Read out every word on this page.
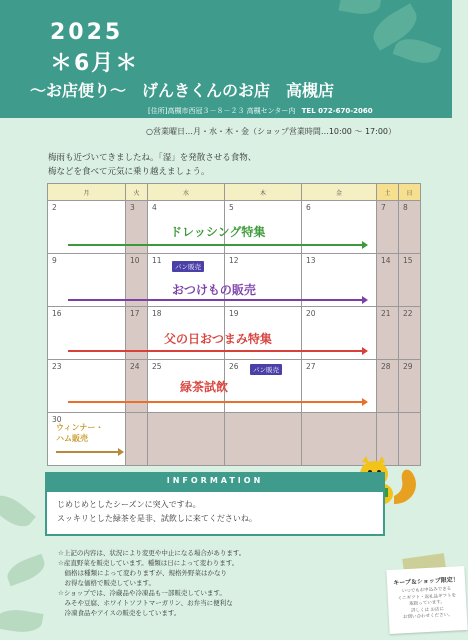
2025
＊6月＊
～お店便り～　げんきくんのお店　高槻店
[住所]高槻市西冠３－８－２３ 高槻センター内 TEL 072-670-2060
○営業曜日…月・水・木・金（ショップ営業時間…10:00 ～ 17:00）
梅雨も近づいてきましたね。「湿」を発散させる食物、
梅などを食べて元気に乗り越えましょう。
月	火	水	木	金	土	日
2	3	4	5	6	7	8
9	10	11	12	13	14	15
16	17	18	19	20	21	22
23	24	25	26	27	28	29
30						
ドレッシング特集
パン販売
おつけもの販売
父の日おつまみ特集
パン販売
緑茶試飲
ウィンナー・
ハム販売
INFORMATION

じめじめとしたシーズンに突入ですね。

スッキリとした緑茶を是非、試飲しに来てくださいね。

☆上記の内容は、状況により変更や中止になる場合があります。
☆産直野菜を販売しています。種類は日によって変わります。
　価格は種類によって変わりますが、規格外野菜はかなり
　お得な価格で販売しています。
☆ショップでは、冷蔵品や冷凍品も一部販売しています。
　みそや豆腐、ホワイトソフトマーガリン、お弁当に便利な
　冷凍食品やアイスの販売をしています。
キープ＆ショップ限定！
いつでもお申込みできる
ミニギフト・返礼品ギフトを
取扱っています。
詳しくは お店に
お問い合わせください。
